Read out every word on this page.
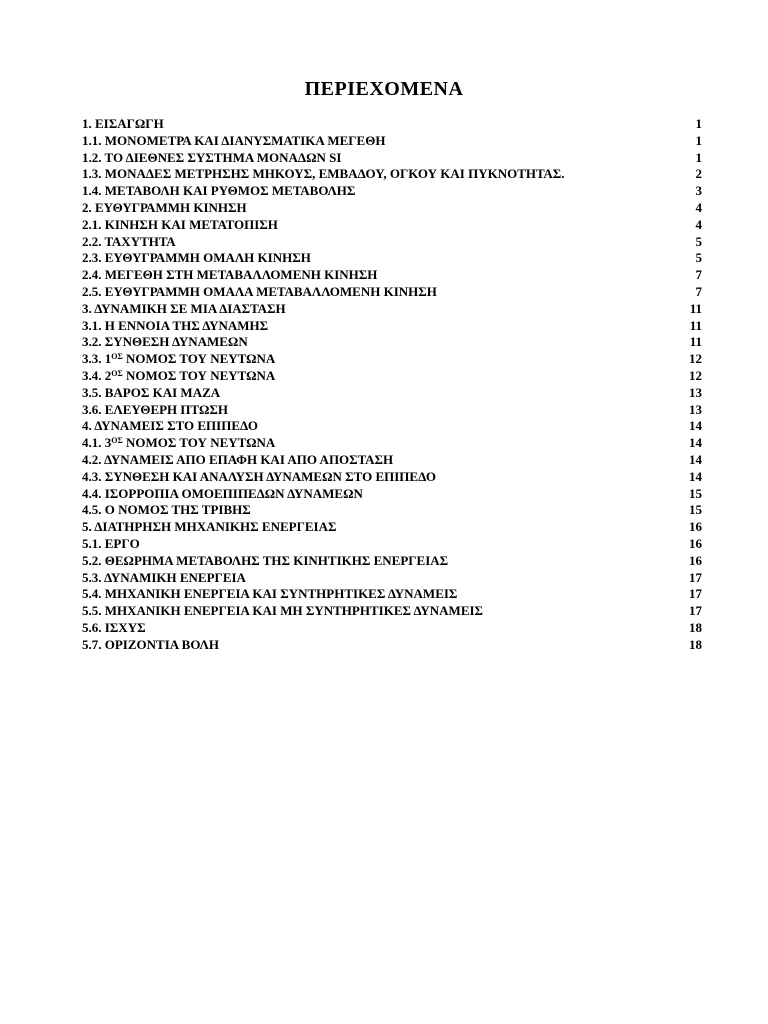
ΠΕΡΙΕΧΟΜΕΝΑ
1. ΕΙΣΑΓΩΓΗ	1
1.1. ΜΟΝΟΜΕΤΡΑ ΚΑΙ ΔΙΑΝΥΣΜΑΤΙΚΑ ΜΕΓΕΘΗ	1
1.2. ΤΟ ΔΙΕΘΝΕΣ ΣΥΣΤΗΜΑ ΜΟΝΑΔΩΝ SI	1
1.3. ΜΟΝΑΔΕΣ ΜΕΤΡΗΣΗΣ ΜΗΚΟΥΣ, ΕΜΒΑΔΟΥ, ΟΓΚΟΥ ΚΑΙ ΠΥΚΝΟΤΗΤΑΣ.	2
1.4. ΜΕΤΑΒΟΛΗ ΚΑΙ ΡΥΘΜΟΣ ΜΕΤΑΒΟΛΗΣ	3
2. ΕΥΘΥΓΡΑΜΜΗ ΚΙΝΗΣΗ	4
2.1. ΚΙΝΗΣΗ ΚΑΙ ΜΕΤΑΤΟΠΙΣΗ	4
2.2. ΤΑΧΥΤΗΤΑ	5
2.3. ΕΥΘΥΓΡΑΜΜΗ ΟΜΑΛΗ ΚΙΝΗΣΗ	5
2.4. ΜΕΓΕΘΗ ΣΤΗ ΜΕΤΑΒΑΛΛΟΜΕΝΗ ΚΙΝΗΣΗ	7
2.5. ΕΥΘΥΓΡΑΜΜΗ ΟΜΑΛΑ ΜΕΤΑΒΑΛΛΟΜΕΝΗ ΚΙΝΗΣΗ	7
3. ΔΥΝΑΜΙΚΗ ΣΕ ΜΙΑ ΔΙΑΣΤΑΣΗ	11
3.1. Η ΕΝΝΟΙΑ ΤΗΣ ΔΥΝΑΜΗΣ	11
3.2. ΣΥΝΘΕΣΗ ΔΥΝΑΜΕΩΝ	11
3.3. $1^{O\Sigma}$ ΝΟΜΟΣ ΤΟΥ ΝΕΥΤΩΝΑ	12
3.4. $2^{O\Sigma}$ ΝΟΜΟΣ ΤΟΥ ΝΕΥΤΩΝΑ	12
3.5. ΒΑΡΟΣ ΚΑΙ ΜΑΖΑ	13
3.6. ΕΛΕΥΘΕΡΗ ΠΤΩΣΗ	13
4. ΔΥΝΑΜΕΙΣ ΣΤΟ ΕΠΙΠΕΔΟ	14
4.1. $3^{O\Sigma}$ ΝΟΜΟΣ ΤΟΥ ΝΕΥΤΩΝΑ	14
4.2. ΔΥΝΑΜΕΙΣ ΑΠΟ ΕΠΑΦΗ ΚΑΙ ΑΠΟ ΑΠΟΣΤΑΣΗ	14
4.3. ΣΥΝΘΕΣΗ ΚΑΙ ΑΝΑΛΥΣΗ ΔΥΝΑΜΕΩΝ ΣΤΟ ΕΠΙΠΕΔΟ	14
4.4. ΙΣΟΡΡΟΠΙΑ ΟΜΟΕΠΙΠΕΔΩΝ ΔΥΝΑΜΕΩΝ	15
4.5. Ο ΝΟΜΟΣ ΤΗΣ ΤΡΙΒΗΣ	15
5. ΔΙΑΤΗΡΗΣΗ ΜΗΧΑΝΙΚΗΣ ΕΝΕΡΓΕΙΑΣ	16
5.1. ΕΡΓΟ	16
5.2. ΘΕΩΡΗΜΑ ΜΕΤΑΒΟΛΗΣ ΤΗΣ ΚΙΝΗΤΙΚΗΣ ΕΝΕΡΓΕΙΑΣ	16
5.3. ΔΥΝΑΜΙΚΗ ΕΝΕΡΓΕΙΑ	17
5.4. ΜΗΧΑΝΙΚΗ ΕΝΕΡΓΕΙΑ ΚΑΙ ΣΥΝΤΗΡΗΤΙΚΕΣ ΔΥΝΑΜΕΙΣ	17
5.5. ΜΗΧΑΝΙΚΗ ΕΝΕΡΓΕΙΑ ΚΑΙ ΜΗ ΣΥΝΤΗΡΗΤΙΚΕΣ ΔΥΝΑΜΕΙΣ	17
5.6. ΙΣΧΥΣ	18
5.7. ΟΡΙΖΟΝΤΙΑ ΒΟΛΗ	18
